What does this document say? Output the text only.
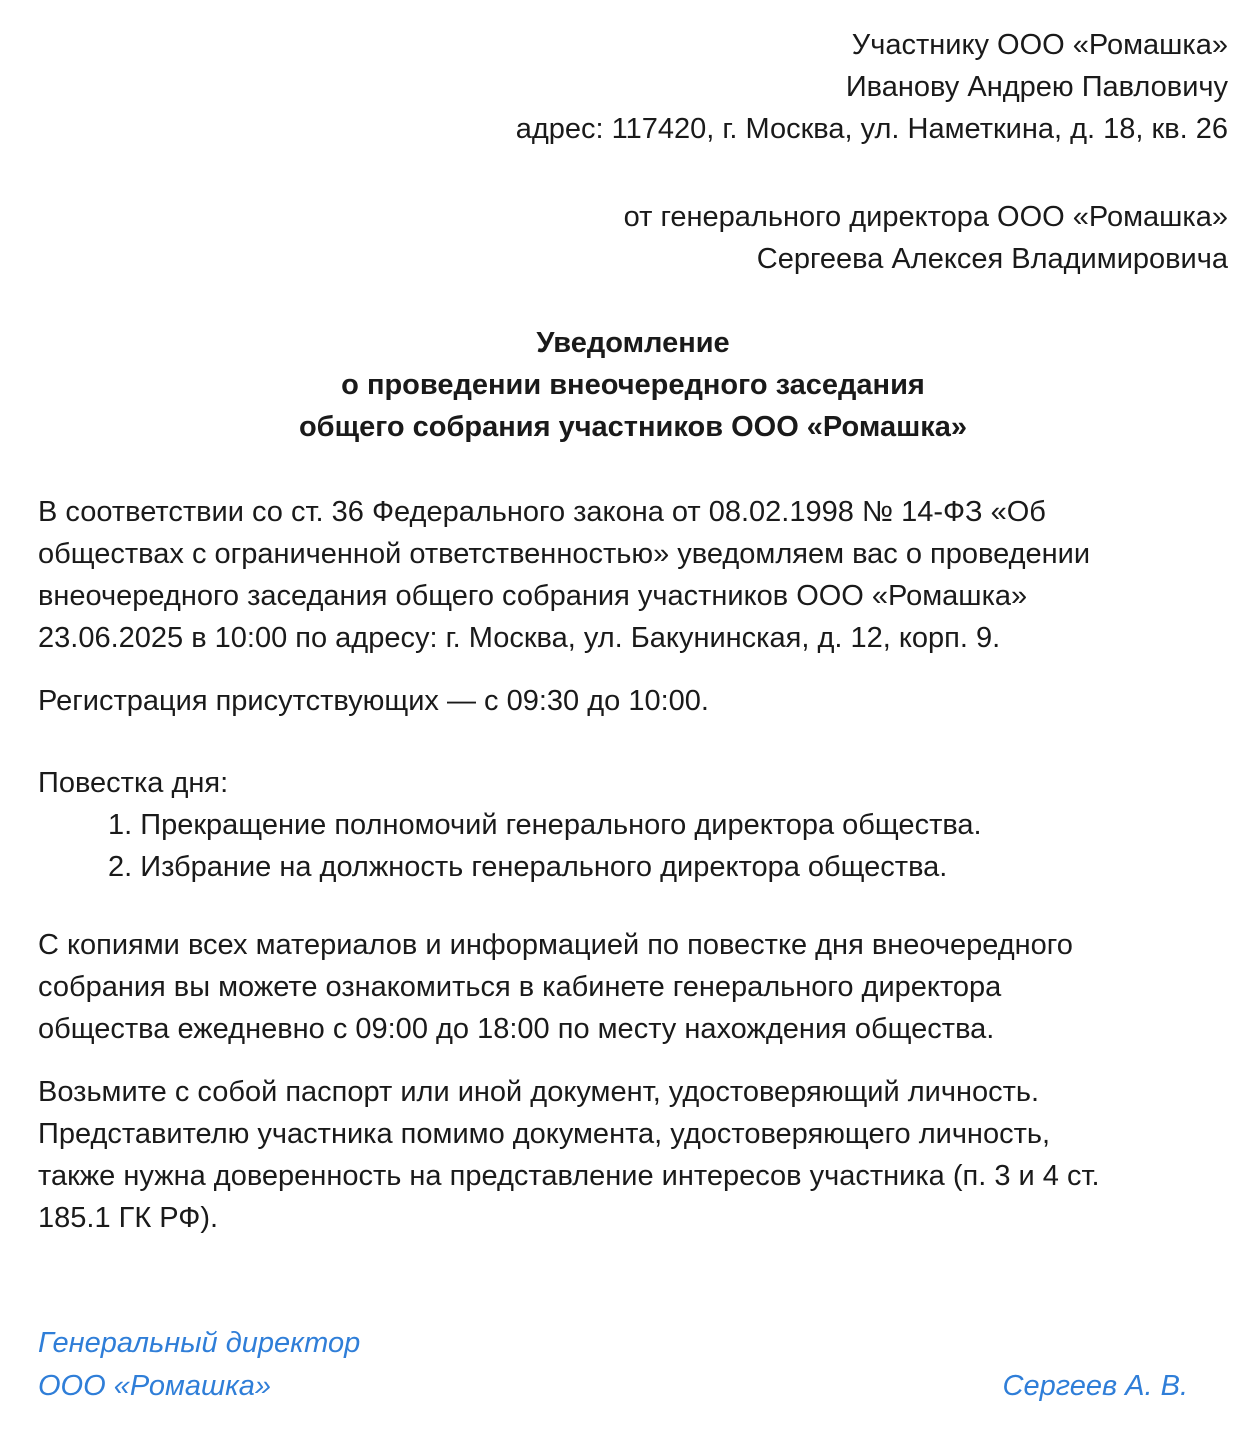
Участнику ООО «Ромашка»
Иванову Андрею Павловичу
адрес: 117420, г. Москва, ул. Наметкина, д. 18, кв. 26
от генерального директора ООО «Ромашка»
Сергеева Алексея Владимировича
Уведомление
о проведении внеочередного заседания
общего собрания участников ООО «Ромашка»
В соответствии со ст. 36 Федерального закона от 08.02.1998 № 14-ФЗ «Об
обществах с ограниченной ответственностью» уведомляем вас о проведении
внеочередного заседания общего собрания участников ООО «Ромашка»
23.06.2025 в 10:00 по адресу: г. Москва, ул. Бакунинская, д. 12, корп. 9.
Регистрация присутствующих — с 09:30 до 10:00.
Повестка дня:
1. Прекращение полномочий генерального директора общества.
2. Избрание на должность генерального директора общества.
С копиями всех материалов и информацией по повестке дня внеочередного
собрания вы можете ознакомиться в кабинете генерального директора
общества ежедневно с 09:00 до 18:00 по месту нахождения общества.
Возьмите с собой паспорт или иной документ, удостоверяющий личность.
Представителю участника помимо документа, удостоверяющего личность,
также нужна доверенность на представление интересов участника (п. 3 и 4 ст.
185.1 ГК РФ).
Генеральный директор
ООО «Ромашка»	Сергеев А. В.
